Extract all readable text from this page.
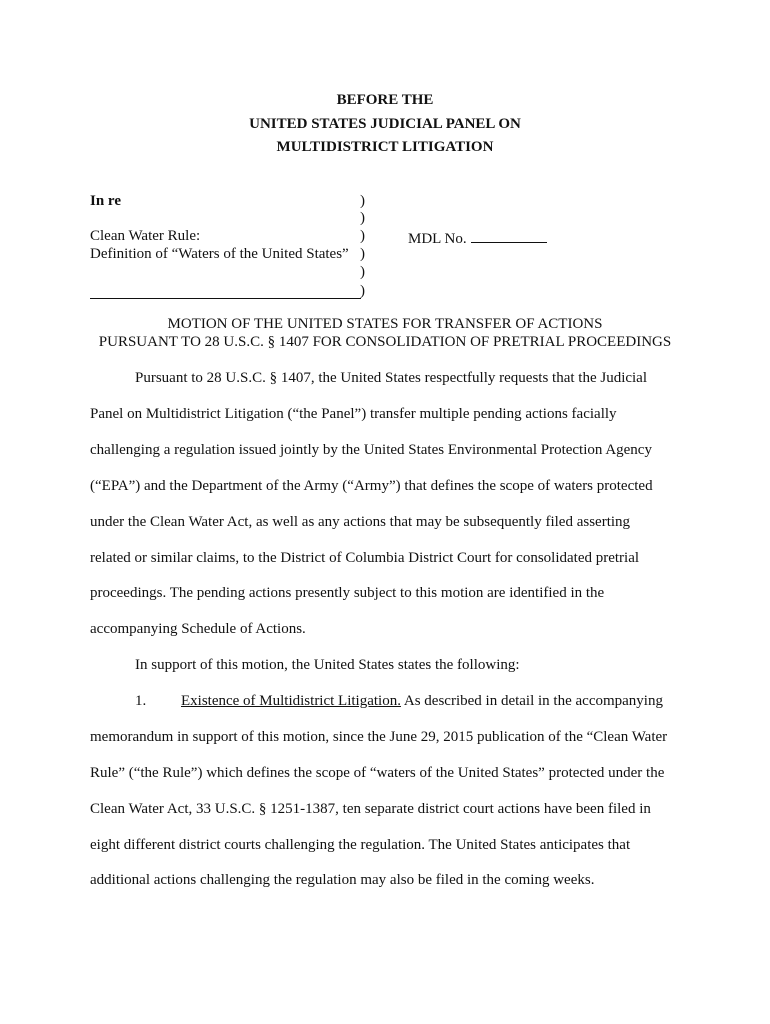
BEFORE THE
UNITED STATES JUDICIAL PANEL ON
MULTIDISTRICT LITIGATION
In re
Clean Water Rule:
Definition of “Waters of the United States”
)
)
)
)
)
)
MDL No.
MOTION OF THE UNITED STATES FOR TRANSFER OF ACTIONS
PURSUANT TO 28 U.S.C. § 1407 FOR CONSOLIDATION OF PRETRIAL PROCEEDINGS
Pursuant to 28 U.S.C. § 1407, the United States respectfully requests that the Judicial
Panel on Multidistrict Litigation (“the Panel”) transfer multiple pending actions facially
challenging a regulation issued jointly by the United States Environmental Protection Agency
(“EPA”) and the Department of the Army (“Army”) that defines the scope of waters protected
under the Clean Water Act, as well as any actions that may be subsequently filed asserting
related or similar claims, to the District of Columbia District Court for consolidated pretrial
proceedings. The pending actions presently subject to this motion are identified in the
accompanying Schedule of Actions.
In support of this motion, the United States states the following:
1. Existence of Multidistrict Litigation. As described in detail in the accompanying
memorandum in support of this motion, since the June 29, 2015 publication of the “Clean Water
Rule” (“the Rule”) which defines the scope of “waters of the United States” protected under the
Clean Water Act, 33 U.S.C. § 1251-1387, ten separate district court actions have been filed in
eight different district courts challenging the regulation. The United States anticipates that
additional actions challenging the regulation may also be filed in the coming weeks.
